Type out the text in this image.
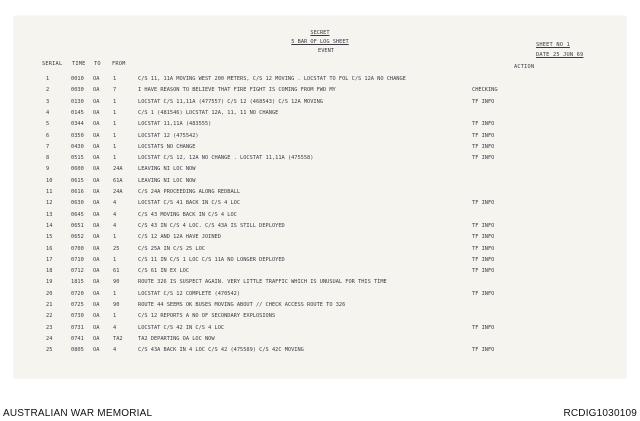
SECRET
5 BAR OF LOG SHEET
EVENT
SHEET NO 1
DATE 25 JUN 69
SERIAL TIME TO FROM	ACTION
1	0010 OA	1	C/S 11, 11A MOVING WEST 200 METERS, C/S 12 MOVING . LOCSTAT TO FOL C/S 12A NO CHANGE
2	0030 OA	7	I HAVE REASON TO BELIEVE THAT FIRE FIGHT IS COMING FROM FWD MY	CHECKING
3	0130 OA	1	LOCSTAT C/S 11,11A (477557) C/S 12 (468543) C/S 12A MOVING	TF INFO
4	0145 OA	1	C/S 1 (481546) LOCSTAT 12A, 11, 11 NO CHANGE
5	0344 OA	1	LOCSTAT 11,11A (483555)	TF INFO
6	0350 OA	1	LOCSTAT 12 (475542)	TF INFO
7	0430 OA	1	LOCSTATS NO CHANGE	TF INFO
8	0515 OA	1	LOCSTAT C/S 12, 12A NO CHANGE . LOCSTAT 11,11A (475558)	TF INFO
9	0600 OA	24A	LEAVING NI LOC NOW
10	0615 OA	61A	LEAVING NI LOC NOW
11	0616 OA	24A	C/S 24A PROCEEDING ALONG REDBALL
12	0630 OA	4	LOCSTAT C/S 41 BACK IN C/S 4 LOC	TF INFO
13	0645 OA	4	C/S 43 MOVING BACK IN C/S 4 LOC
14	0651 OA	4	C/S 43 IN C/S 4 LOC. C/S 43A IS STILL DEPLOYED	TF INFO
15	0652 OA	1	C/S 12 AND 12A HAVE JOINED	TF INFO
16	0700 OA	25	C/S 25A IN C/S 25 LOC	TF INFO
17	0710 OA	1	C/S 11 IN C/S 1 LOC C/S 11A NO LONGER DEPLOYED	TF INFO
18	0712 OA	61	C/S 61 IN EX LOC	TF INFO
19	1815 OA	90	ROUTE 326 IS SUSPECT AGAIN. VERY LITTLE TRAFFIC WHICH IS UNUSUAL FOR THIS TIME
20	0720 OA	1	LOCSTAT C/S 12 COMPLETE (470542)	TF INFO
21	0725 OA	90	ROUTE 44 SEEMS OK BUSES MOVING ABOUT // CHECK ACCESS ROUTE TO 326
22	0730 OA	1	C/S 12 REPORTS A NO OF SECONDARY EXPLOSIONS
23	0731 OA	4	LOCSTAT C/S 42 IN C/S 4 LOC	TF INFO
24	0741 OA	TA2	TA2 DEPARTING OA LOC NOW
25	0805 OA	4	C/S 43A BACK IN 4 LOC C/S 42 (475589) C/S 42C MOVING	TF INFO
AUSTRALIAN WAR MEMORIAL	RCDIG1030109
